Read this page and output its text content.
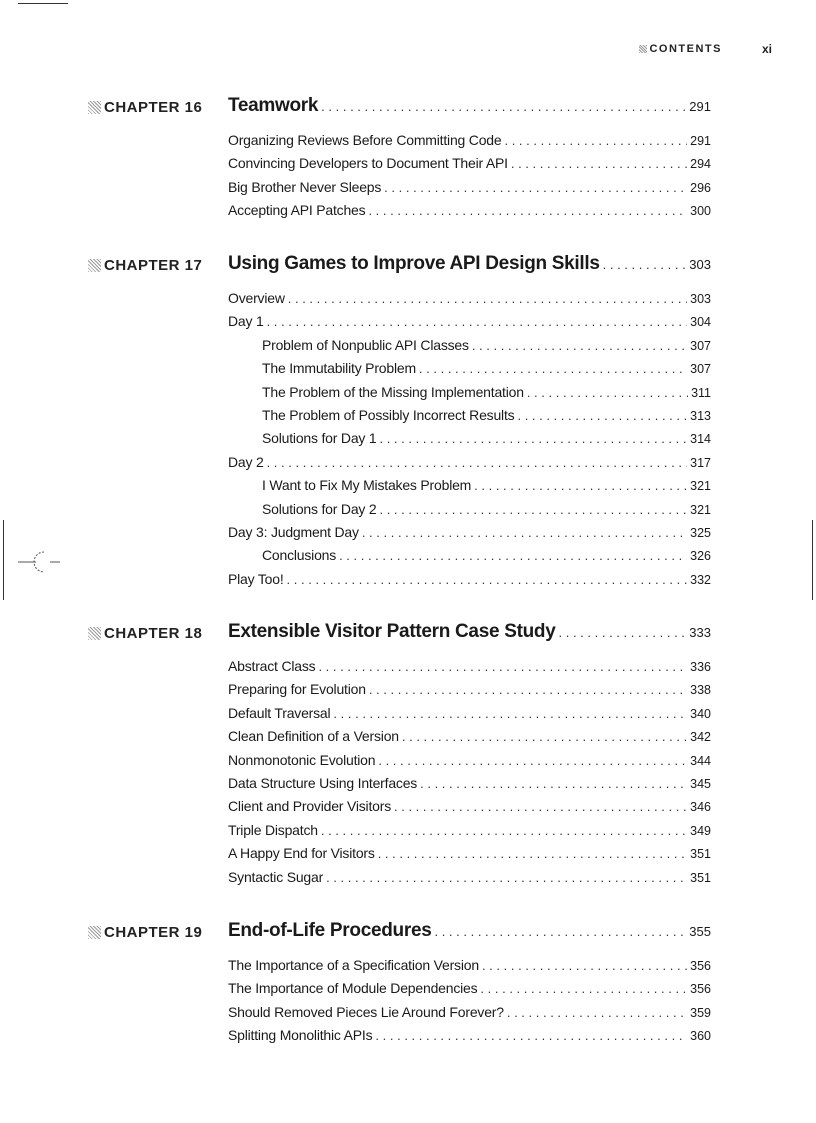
CONTENTS	xi
CHAPTER 16 Teamwork . . .	291
Organizing Reviews Before Committing Code . . .	291
Convincing Developers to Document Their API . . .	294
Big Brother Never Sleeps . . .	296
Accepting API Patches . . .	300
CHAPTER 17 Using Games to Improve API Design Skills . . .	303
Overview . . .	303
Day 1 . . .	304
Problem of Nonpublic API Classes . . .	307
The Immutability Problem . . .	307
The Problem of the Missing Implementation . . .	311
The Problem of Possibly Incorrect Results . . .	313
Solutions for Day 1 . . .	314
Day 2 . . .	317
I Want to Fix My Mistakes Problem . . .	321
Solutions for Day 2 . . .	321
Day 3: Judgment Day . . .	325
Conclusions . . .	326
Play Too! . . .	332
CHAPTER 18 Extensible Visitor Pattern Case Study . . .	333
Abstract Class . . .	336
Preparing for Evolution . . .	338
Default Traversal . . .	340
Clean Definition of a Version . . .	342
Nonmonotonic Evolution . . .	344
Data Structure Using Interfaces . . .	345
Client and Provider Visitors . . .	346
Triple Dispatch . . .	349
A Happy End for Visitors . . .	351
Syntactic Sugar . . .	351
CHAPTER 19 End-of-Life Procedures . . .	355
The Importance of a Specification Version . . .	356
The Importance of Module Dependencies . . .	356
Should Removed Pieces Lie Around Forever? . . .	359
Splitting Monolithic APIs . . .	360
